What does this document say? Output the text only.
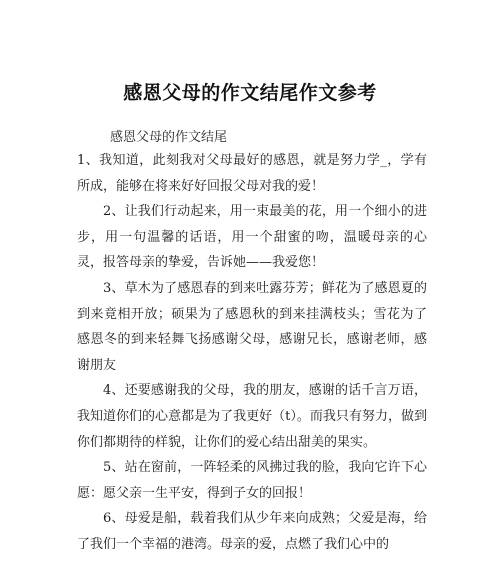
感恩父母的作文结尾作文参考
感恩父母的作文结尾

1、我知道，此刻我对父母最好的感恩，就是努力学_，学有所成，能够在将来好好回报父母对我的爱！

2、让我们行动起来，用一束最美的花，用一个细小的进步，用一句温馨的话语，用一个甜蜜的吻，温暖母亲的心灵，报答母亲的挚爱，告诉她——我爱您！

3、草木为了感恩春的到来吐露芬芳；鲜花为了感恩夏的到来竟相开放；硕果为了感恩秋的到来挂满枝头；雪花为了感恩冬的到来轻舞飞扬感谢父母，感谢兄长，感谢老师，感谢朋友

4、还要感谢我的父母，我的朋友，感谢的话千言万语，我知道你们的心意都是为了我更好（t）。而我只有努力，做到你们都期待的样貌，让你们的爱心结出甜美的果实。

5、站在窗前，一阵轻柔的风拂过我的脸，我向它许下心愿：愿父亲一生平安，得到子女的回报！

6、母爱是船，载着我们从少年来向成熟；父爱是海，给了我们一个幸福的港湾。母亲的爱，点燃了我们心中的
